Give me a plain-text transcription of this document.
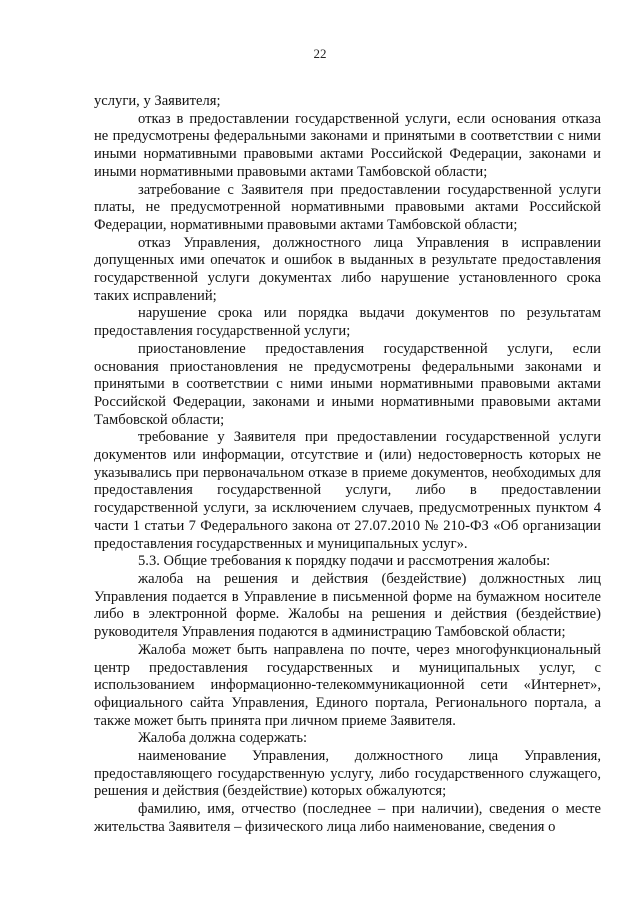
22

услуги, у Заявителя;

отказ в предоставлении государственной услуги, если основания отказа не предусмотрены федеральными законами и принятыми в соответствии с ними иными нормативными правовыми актами Российской Федерации, законами и иными нормативными правовыми актами Тамбовской области;

затребование с Заявителя при предоставлении государственной услуги платы, не предусмотренной нормативными правовыми актами Российской Федерации, нормативными правовыми актами Тамбовской области;

отказ Управления, должностного лица Управления в исправлении допущенных ими опечаток и ошибок в выданных в результате предоставления государственной услуги документах либо нарушение установленного срока таких исправлений;

нарушение срока или порядка выдачи документов по результатам предоставления государственной услуги;

приостановление предоставления государственной услуги, если основания приостановления не предусмотрены федеральными законами и принятыми в соответствии с ними иными нормативными правовыми актами Российской Федерации, законами и иными нормативными правовыми актами Тамбовской области;

требование у Заявителя при предоставлении государственной услуги документов или информации, отсутствие и (или) недостоверность которых не указывались при первоначальном отказе в приеме документов, необходимых для предоставления государственной услуги, либо в предоставлении государственной услуги, за исключением случаев, предусмотренных пунктом 4 части 1 статьи 7 Федерального закона от 27.07.2010 № 210-ФЗ «Об организации предоставления государственных и муниципальных услуг».

5.3. Общие требования к порядку подачи и рассмотрения жалобы:

жалоба на решения и действия (бездействие) должностных лиц Управления подается в Управление в письменной форме на бумажном носителе либо в электронной форме. Жалобы на решения и действия (бездействие) руководителя Управления подаются в администрацию Тамбовской области;

Жалоба может быть направлена по почте, через многофункциональный центр предоставления государственных и муниципальных услуг, с использованием информационно-телекоммуникационной сети «Интернет», официального сайта Управления, Единого портала, Регионального портала, а также может быть принята при личном приеме Заявителя.

Жалоба должна содержать:

наименование Управления, должностного лица Управления, предоставляющего государственную услугу, либо государственного служащего, решения и действия (бездействие) которых обжалуются;

фамилию, имя, отчество (последнее – при наличии), сведения о месте жительства Заявителя – физического лица либо наименование, сведения о
